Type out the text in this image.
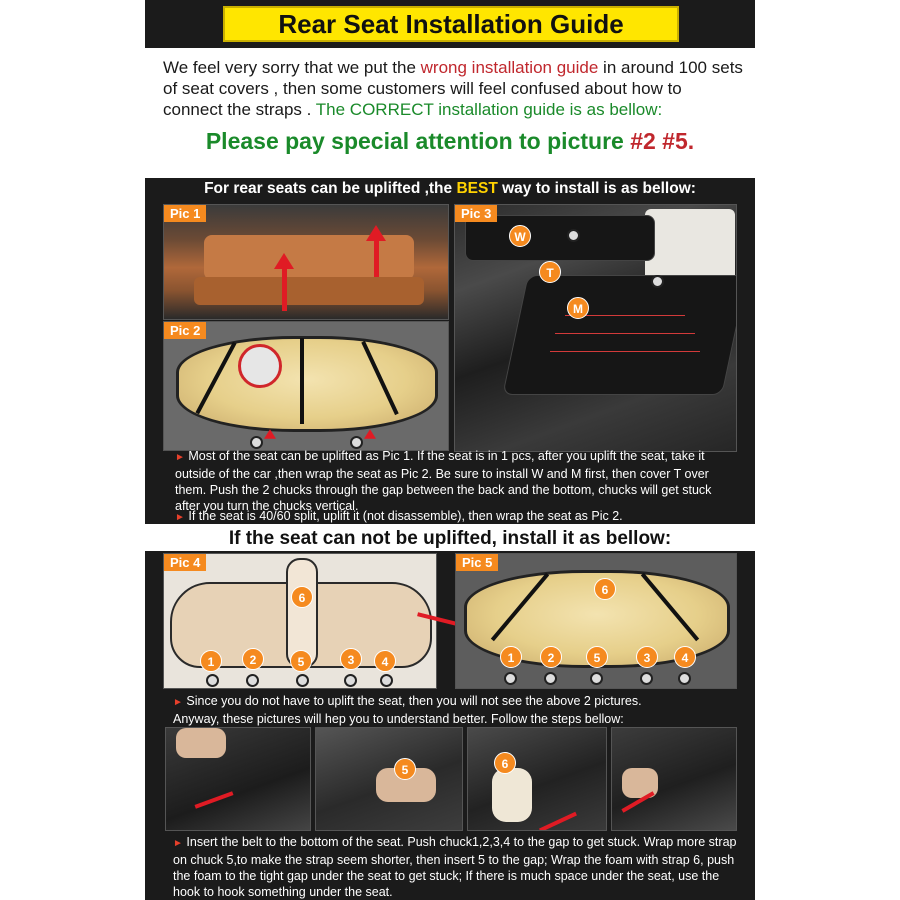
Rear Seat Installation Guide
We feel very sorry that we put the wrong installation guide in around 100 sets of seat covers , then some customers will feel confused about how to connect the straps . The CORRECT installation guide is as bellow:
Please pay special attention to picture #2 #5.
For rear seats can be uplifted ,the BEST way to install is as bellow:
Pic 1
Pic 2
Pic 3
W
T
M
► Most of the seat can be uplifted as Pic 1. If the seat is in 1 pcs, after you uplift the seat, take it outside of the car ,then wrap the seat as Pic 2. Be sure to install W and M first, then cover T over them. Push the 2 chucks through the gap between the back and the bottom, chucks will get stuck after you turn the chucks vertical.
► If the seat is 40/60 split, uplift it (not disassemble), then wrap the seat as Pic 2.
If the seat can not be uplifted, install it as bellow:
Pic 4
6
1	2	5	3	4
Pic 5
6
1	2	5	3	4
► Since you do not have to uplift the seat, then you will not see the above 2 pictures.
Anyway, these pictures will hep you to understand better. Follow the steps bellow:
5	6
► Insert the belt to the bottom of the seat. Push chuck1,2,3,4 to the gap to get stuck. Wrap more strap on chuck 5,to make the strap seem shorter, then insert 5 to the gap; Wrap the foam with strap 6, push the foam to the tight gap under the seat to get stuck; If there is much space under the seat, use the hook to hook something under the seat.
